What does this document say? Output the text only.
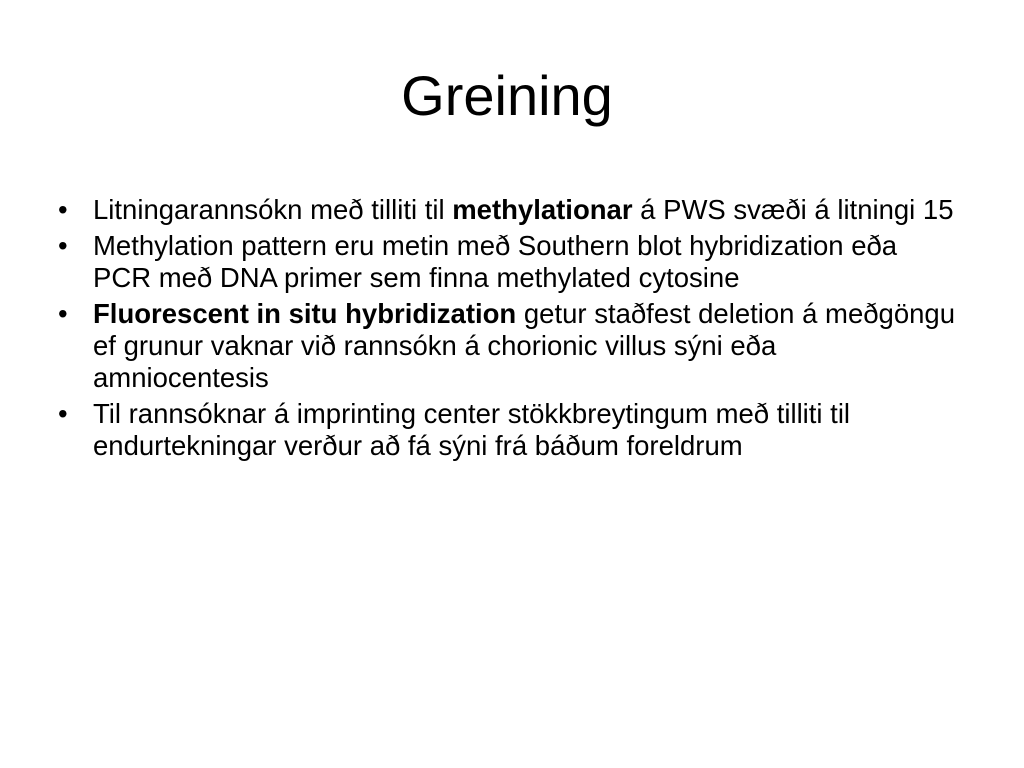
Greining
• Litningarannsókn með tilliti til methylationar á PWS svæði á litningi 15
• Methylation pattern eru metin með Southern blot hybridization eða PCR með DNA primer sem finna methylated cytosine
• Fluorescent in situ hybridization getur staðfest deletion á meðgöngu ef grunur vaknar við rannsókn á chorionic villus sýni eða amniocentesis
• Til rannsóknar á imprinting center stökkbreytingum með tilliti til endurtekningar verður að fá sýni frá báðum foreldrum
